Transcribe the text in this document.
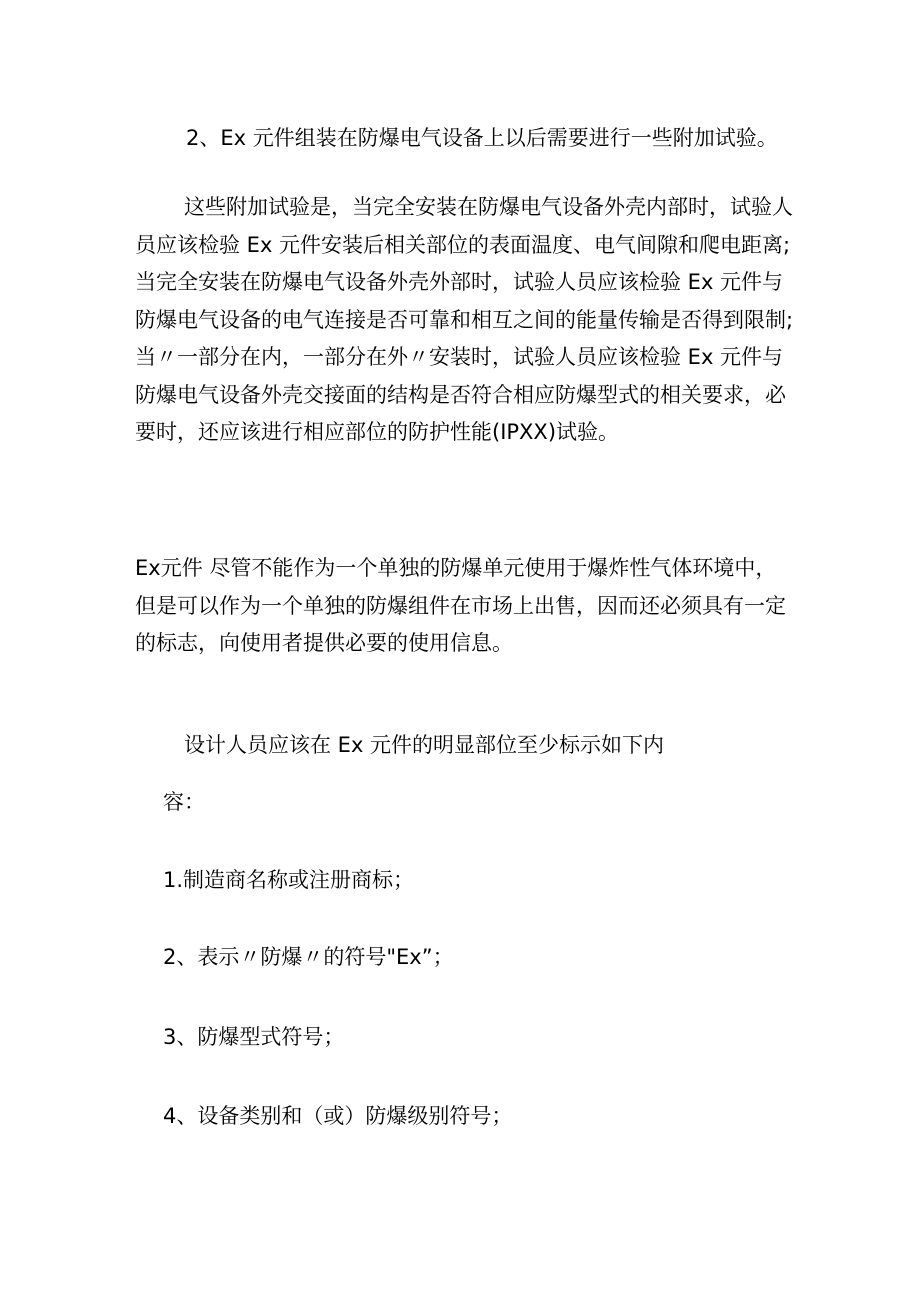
2、Ex 元件组装在防爆电气设备上以后需要进行一些附加试验。

这些附加试验是，当完全安装在防爆电气设备外壳内部时，试验人员应该检验 Ex 元件安装后相关部位的表面温度、电气间隙和爬电距离;当完全安装在防爆电气设备外壳外部时，试验人员应该检验 Ex 元件与防爆电气设备的电气连接是否可靠和相互之间的能量传输是否得到限制;当〃一部分在内，一部分在外〃安装时，试验人员应该检验 Ex 元件与防爆电气设备外壳交接面的结构是否符合相应防爆型式的相关要求，必要时，还应该进行相应部位的防护性能(IPXX)试验。

Ex元件 尽管不能作为一个单独的防爆单元使用于爆炸性气体环境中，但是可以作为一个单独的防爆组件在市场上出售，因而还必须具有一定的标志，向使用者提供必要的使用信息。

设计人员应该在 Ex 元件的明显部位至少标示如下内

容：

1.制造商名称或注册商标；

2、表示〃防爆〃的符号"Ex”；

3、防爆型式符号；

4、设备类别和（或）防爆级别符号；
